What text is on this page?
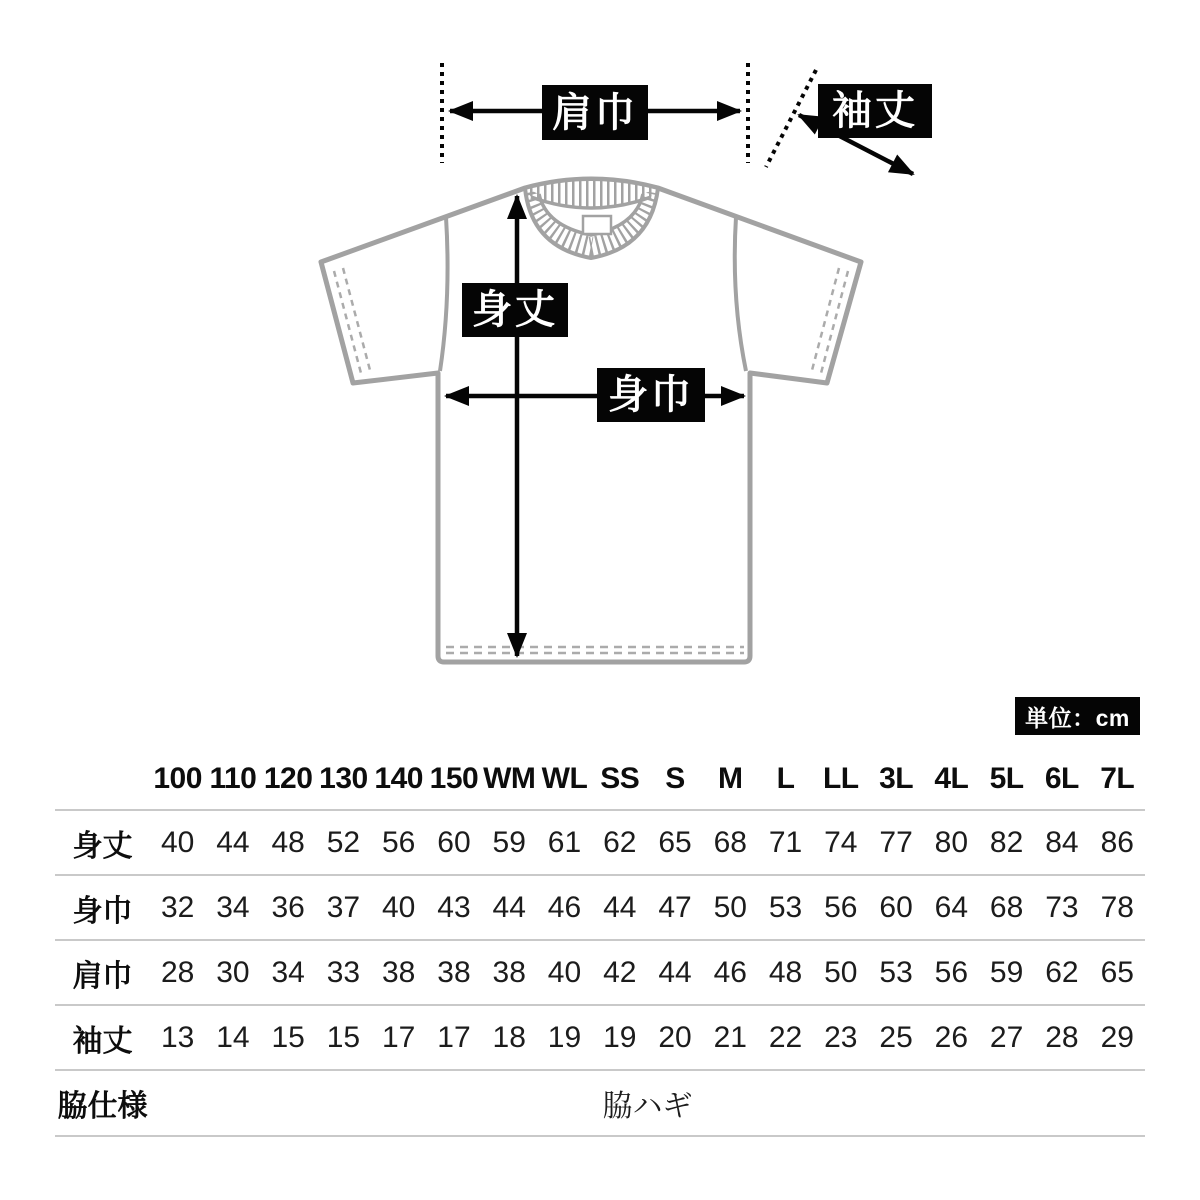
肩巾	袖丈
身丈
身巾
単位：cm
	100	110	120	130	140	150	WM	WL	SS	S	M	L	LL	3L	4L	5L	6L	7L
身丈	40	44	48	52	56	60	59	61	62	65	68	71	74	77	80	82	84	86
身巾	32	34	36	37	40	43	44	46	44	47	50	53	56	60	64	68	73	78
肩巾	28	30	34	33	38	38	38	40	42	44	46	48	50	53	56	59	62	65
袖丈	13	14	15	15	17	17	18	19	19	20	21	22	23	25	26	27	28	29
脇仕様	脇ハギ																	
